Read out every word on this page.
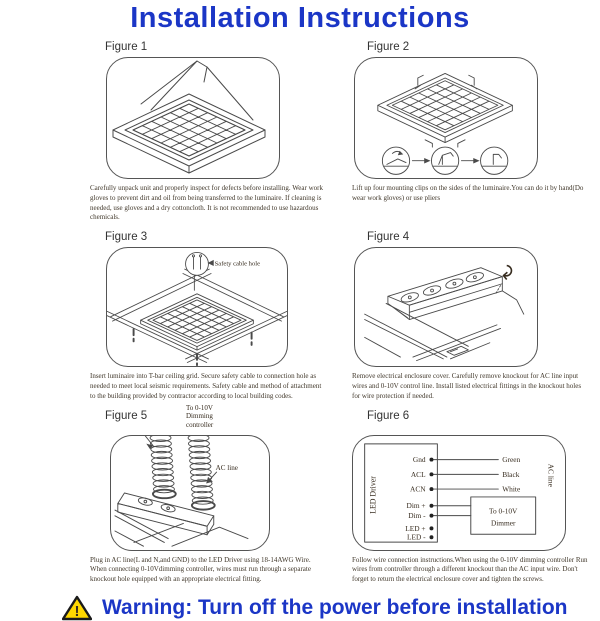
Installation Instructions
Figure 1
Carefully unpack unit and properly inspect for defects before installing. Wear work gloves to prevent dirt and oil from being transferred to the luminaire. If cleaning is needed, use gloves and a dry cottoncloth. It is not recommended to use hazardous chemicals.
Figure 2
Lift up four mounting clips on the sides of the luminaire.You can do it by hand(Do wear work gloves) or use pliers
Figure 3
Safety cable hole
Insert luminaire into T-bar ceiling grid. Secure safety cable to connection hole as needed to meet local seismic requirements. Safety cable and method of attachment to the building provided by contractor according to local building codes.
Figure 4
↷
Remove electrical enclosure cover. Carefully remove knockout for AC line input wires and 0-10V control line. Install listed electrical fittings in the knockout holes for wire protection if needed.
Figure 5
To 0-10V
Dimming
controller
AC line
Plug in AC line(L and N,and GND) to the LED Driver using 18-14AWG Wire. When connecting 0-10Vdimming controller, wires must run through a separate knockout hole equipped with an appropriate electrical fitting.
Figure 6
LED Driver
Gnd
ACL
ACN
Dim +
Dim -
LED +
LED -
Green
Black
White
AC line
To 0-10V
Dimmer
Follow wire connection instructions.When using the 0-10V dimming controller Run wires from controller through a different knockout than the AC input wire. Don't forget to return the electrical enclosure cover and tighten the screws.
! Warning: Turn off the power before installation
